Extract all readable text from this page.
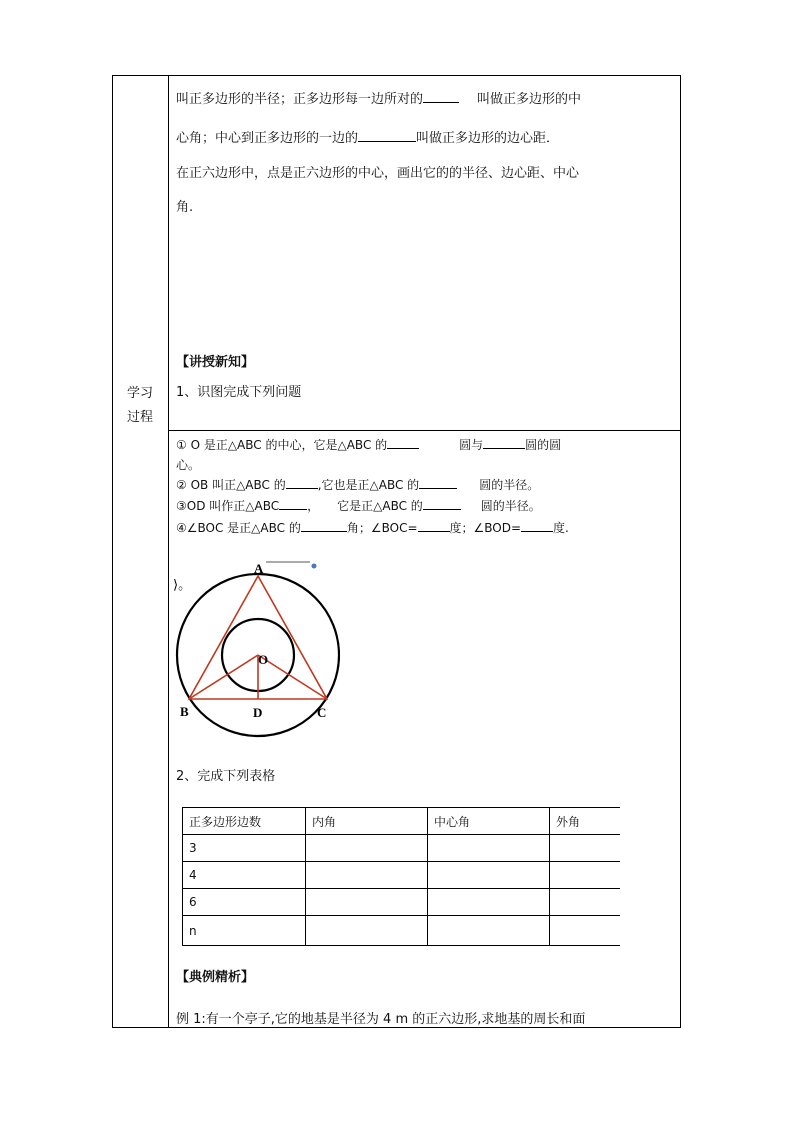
学习
过程
叫正多边形的半径；正多边形每一边所对的	叫做正多边形的中
心角；中心到正多边形的一边的	叫做正多边形的边心距．
在正六边形中，点是正六边形的中心，画出它的的半径、边心距、中心
角.
【讲授新知】
1、识图完成下列问题
① O 是正△ABC 的中心，它是△ABC 的	圆与	圆的圆
心。
② OB 叫正△ABC 的	,它也是正△ABC 的	圆的半径。
③OD 叫作正△ABC ， 它是正△ABC 的	圆的半径。
④∠BOC 是正△ABC 的	角；∠BOC=	度；∠BOD=	度.
⟩。
A
O
B	D	C
2、完成下列表格
正多边形边数	内角	中心角	外角
3			
4			
6			
n			
【典例精析】
例 1:有一个亭子,它的地基是半径为 4 m 的正六边形,求地基的周长和面
